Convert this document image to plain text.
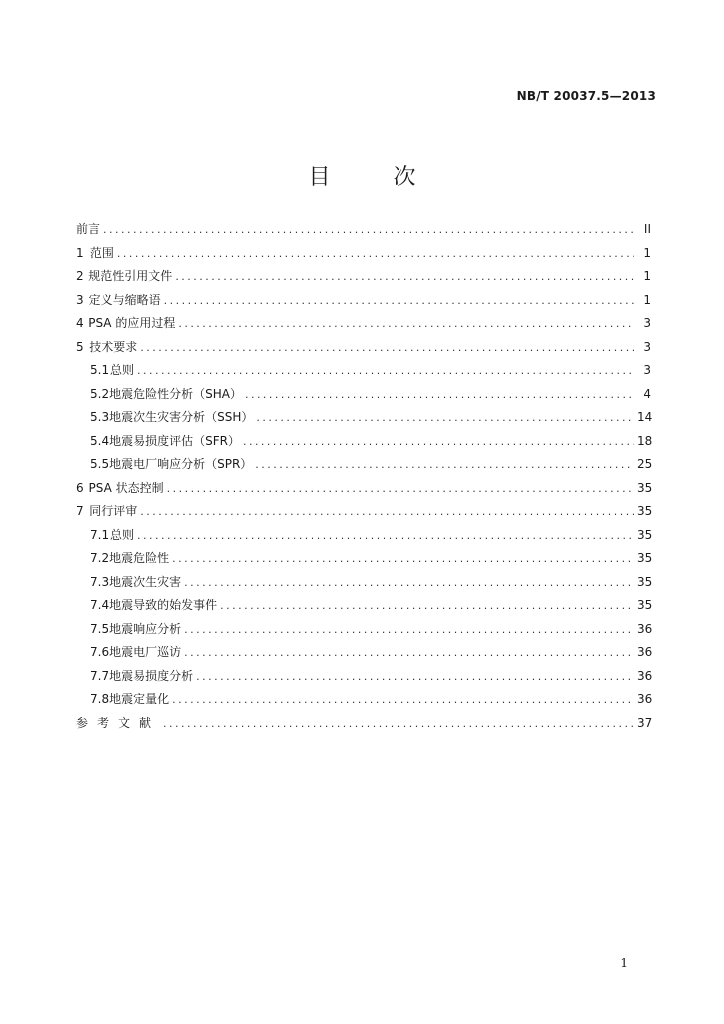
NB/T 20037.5—2013
目 次
前言 . . .	II
1 范围 . . .	1
2 规范性引用文件 . . .	1
3 定义与缩略语 . . .	1
4 PSA 的应用过程 . . .	3
5 技术要求 . . .	3
5.1 总则 . . .	3
5.2 地震危险性分析（SHA） . . .	4
5.3 地震次生灾害分析（SSH） . . .	14
5.4 地震易损度评估（SFR） . . .	18
5.5 地震电厂响应分析（SPR） . . .	25
6 PSA 状态控制 . . .	35
7 同行评审 . . .	35
7.1 总则 . . .	35
7.2 地震危险性 . . .	35
7.3 地震次生灾害 . . .	35
7.4 地震导致的始发事件 . . .	35
7.5 地震响应分析 . . .	36
7.6 地震电厂巡访 . . .	36
7.7 地震易损度分析 . . .	36
7.8 地震定量化 . . .	36
参考文献 . . .	37
1
